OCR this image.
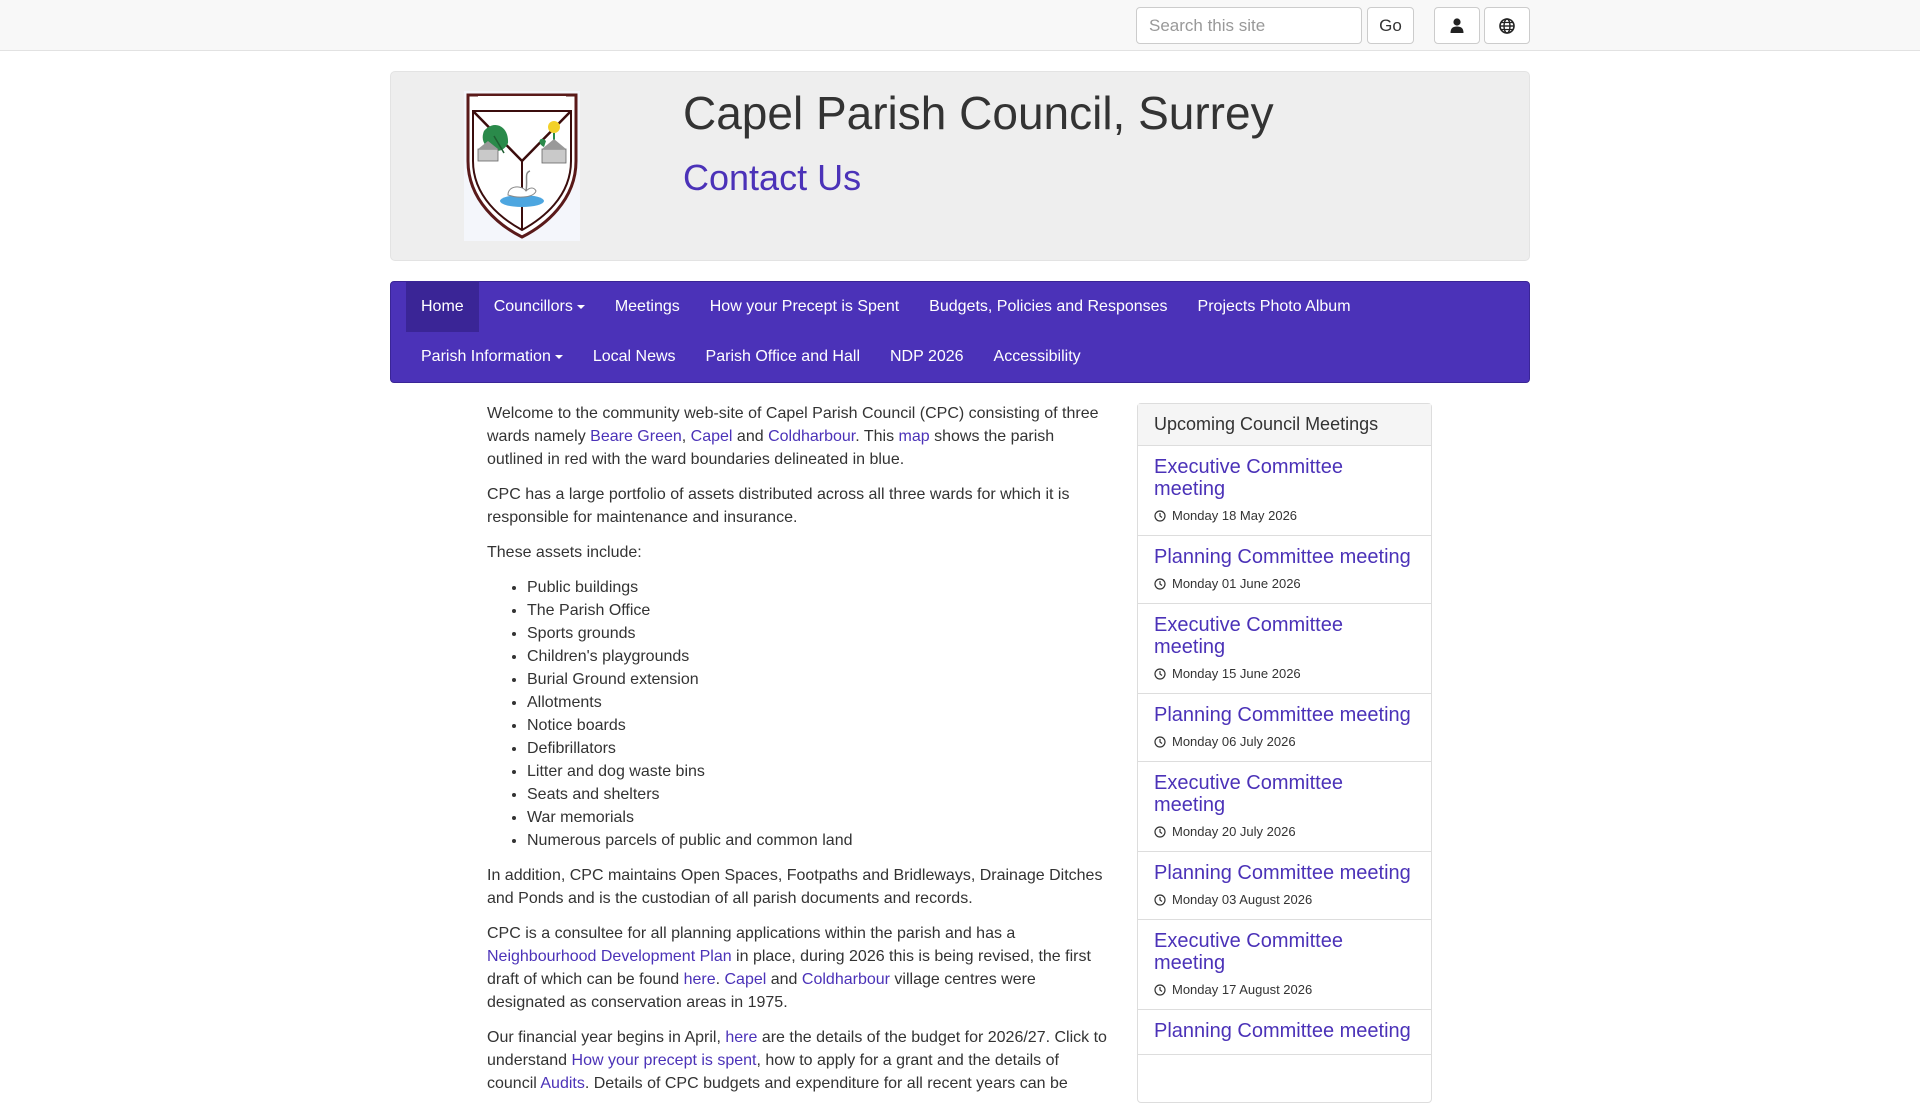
Search this site
Go
Capel Parish Council, Surrey
Contact Us
Home	Councillors	Meetings	How your Precept is Spent	Budgets, Policies and Responses	Projects Photo Album
Parish Information	Local News	Parish Office and Hall	NDP 2026	Accessibility

Welcome to the community web-site of Capel Parish Council (CPC) consisting of three wards namely Beare Green, Capel and Coldharbour. This map shows the parish outlined in red with the ward boundaries delineated in blue.

CPC has a large portfolio of assets distributed across all three wards for which it is responsible for maintenance and insurance.

These assets include:

• Public buildings
• The Parish Office
• Sports grounds
• Children's playgrounds
• Burial Ground extension
• Allotments
• Notice boards
• Defibrillators
• Litter and dog waste bins
• Seats and shelters
• War memorials
• Numerous parcels of public and common land

In addition, CPC maintains Open Spaces, Footpaths and Bridleways, Drainage Ditches and Ponds and is the custodian of all parish documents and records.

CPC is a consultee for all planning applications within the parish and has a Neighbourhood Development Plan in place, during 2026 this is being revised, the first draft of which can be found here. Capel and Coldharbour village centres were designated as conservation areas in 1975.

Our financial year begins in April, here are the details of the budget for 2026/27. Click to understand How your precept is spent, how to apply for a grant and the details of council Audits. Details of CPC budgets and expenditure for all recent years can be

Upcoming Council Meetings
Executive Committee meeting
Monday 18 May 2026
Planning Committee meeting
Monday 01 June 2026
Executive Committee meeting
Monday 15 June 2026
Planning Committee meeting
Monday 06 July 2026
Executive Committee meeting
Monday 20 July 2026
Planning Committee meeting
Monday 03 August 2026
Executive Committee meeting
Monday 17 August 2026
Planning Committee meeting
